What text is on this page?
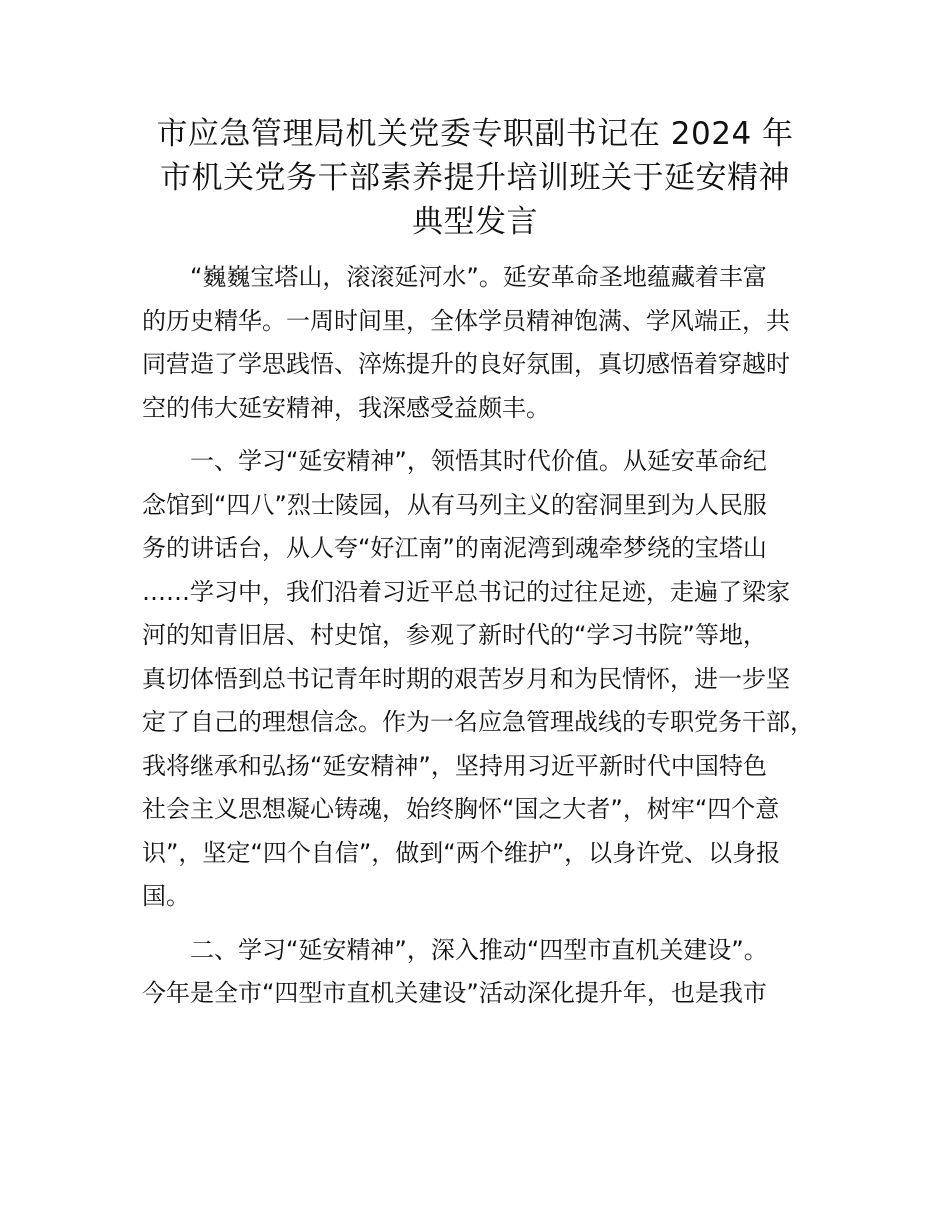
市应急管理局机关党委专职副书记在 2024 年
市机关党务干部素养提升培训班关于延安精神
典型发言

“巍巍宝塔山，滚滚延河水”。延安革命圣地蕴藏着丰富
的历史精华。一周时间里，全体学员精神饱满、学风端正，共
同营造了学思践悟、淬炼提升的良好氛围，真切感悟着穿越时
空的伟大延安精神，我深感受益颇丰。

一、学习“延安精神”，领悟其时代价值。从延安革命纪
念馆到“四八”烈士陵园，从有马列主义的窑洞里到为人民服
务的讲话台，从人夸“好江南”的南泥湾到魂牵梦绕的宝塔山
……学习中，我们沿着习近平总书记的过往足迹，走遍了梁家
河的知青旧居、村史馆，参观了新时代的“学习书院”等地，
真切体悟到总书记青年时期的艰苦岁月和为民情怀，进一步坚
定了自己的理想信念。作为一名应急管理战线的专职党务干部，
我将继承和弘扬“延安精神”，坚持用习近平新时代中国特色
社会主义思想凝心铸魂，始终胸怀“国之大者”，树牢“四个意
识”，坚定“四个自信”，做到“两个维护”，以身许党、以身报
国。

二、学习“延安精神”，深入推动“四型市直机关建设”。
今年是全市“四型市直机关建设”活动深化提升年，也是我市
